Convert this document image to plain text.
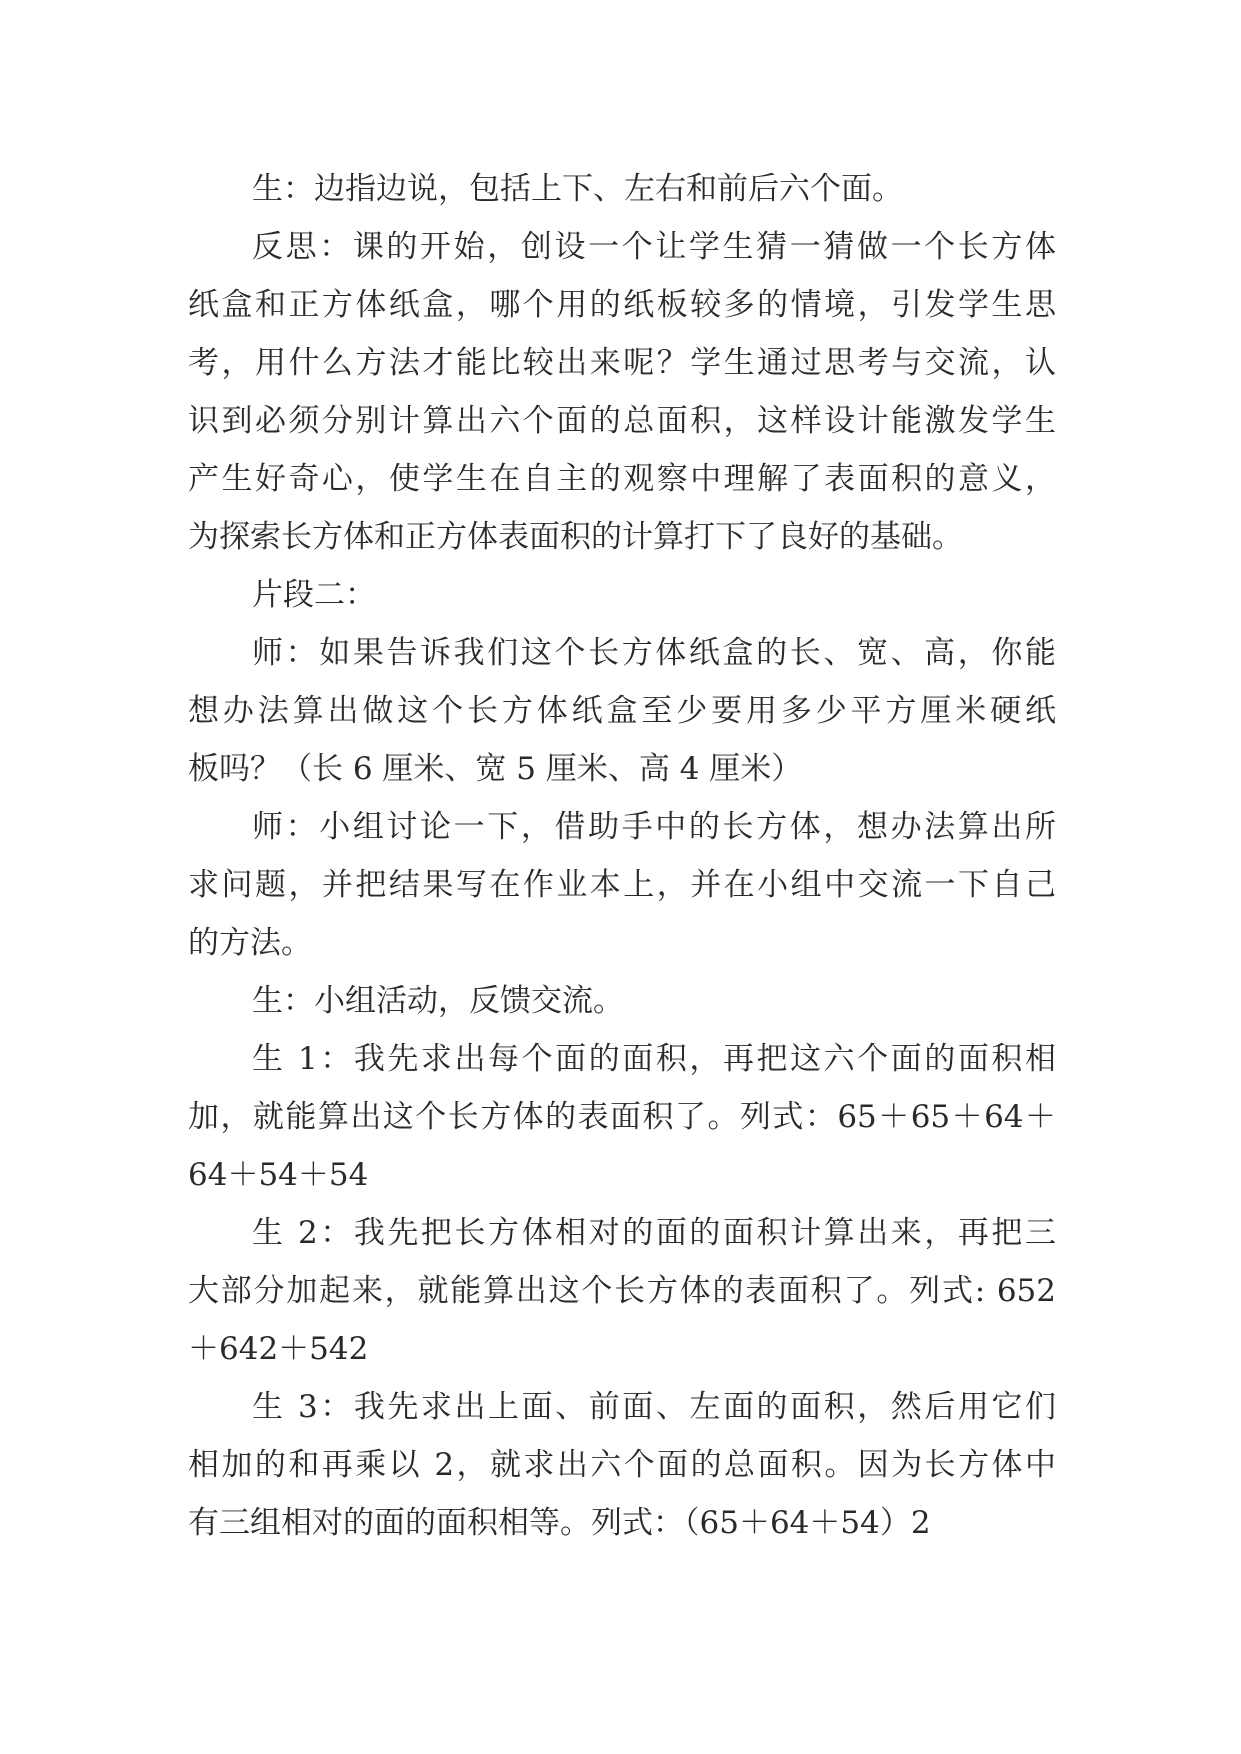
生：边指边说，包括上下、左右和前后六个面。
反思：课的开始，创设一个让学生猜一猜做一个长方体
纸盒和正方体纸盒，哪个用的纸板较多的情境，引发学生思
考，用什么方法才能比较出来呢？学生通过思考与交流，认
识到必须分别计算出六个面的总面积，这样设计能激发学生
产生好奇心，使学生在自主的观察中理解了表面积的意义，
为探索长方体和正方体表面积的计算打下了良好的基础。
片段二：
师：如果告诉我们这个长方体纸盒的长、宽、高，你能
想办法算出做这个长方体纸盒至少要用多少平方厘米硬纸
板吗？（长 6 厘米、宽 5 厘米、高 4 厘米）
师：小组讨论一下，借助手中的长方体，想办法算出所
求问题，并把结果写在作业本上，并在小组中交流一下自己
的方法。
生：小组活动，反馈交流。
生 1：我先求出每个面的面积，再把这六个面的面积相
加，就能算出这个长方体的表面积了。列式：65＋65＋64＋
64＋54＋54
生 2：我先把长方体相对的面的面积计算出来，再把三
大部分加起来，就能算出这个长方体的表面积了。列式: 652
＋642＋542
生 3：我先求出上面、前面、左面的面积，然后用它们
相加的和再乘以 2，就求出六个面的总面积。因为长方体中
有三组相对的面的面积相等。列式：（65＋64＋54）2
